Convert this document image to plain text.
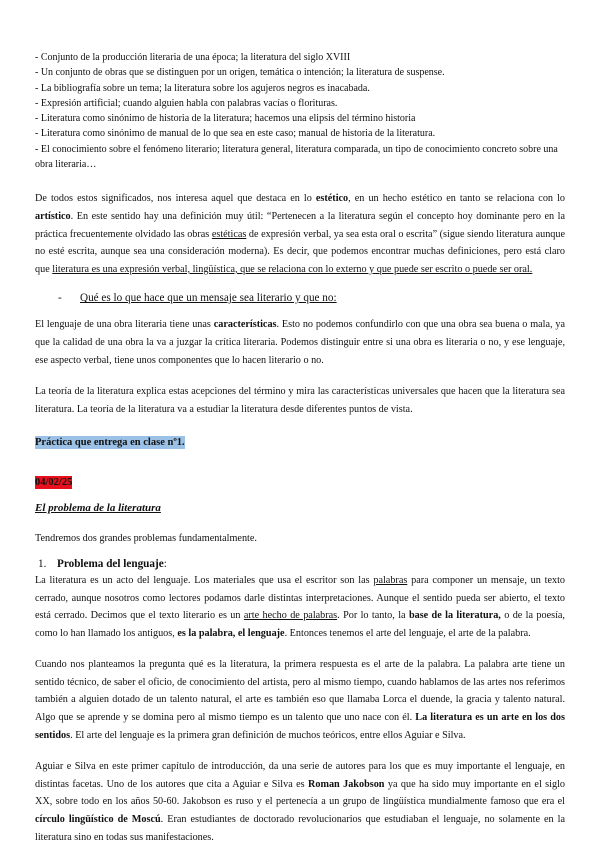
- Conjunto de la producción literaria de una época; la literatura del siglo XVIII

- Un conjunto de obras que se distinguen por un origen, temática o intención; la literatura de suspense.

- La bibliografía sobre un tema; la literatura sobre los agujeros negros es inacabada.

- Expresión artificial; cuando alguien habla con palabras vacías o florituras.

- Literatura como sinónimo de historia de la literatura; hacemos una elipsis del término historia

- Literatura como sinónimo de manual de lo que sea en este caso; manual de historia de la literatura.

- El conocimiento sobre el fenómeno literario; literatura general, literatura comparada, un tipo de conocimiento concreto sobre una obra literaria…

De todos estos significados, nos interesa aquel que destaca en lo estético, en un hecho estético en tanto se relaciona con lo artístico. En este sentido hay una definición muy útil: “Pertenecen a la literatura según el concepto hoy dominante pero en la práctica frecuentemente olvidado las obras estéticas de expresión verbal, ya sea esta oral o escrita” (sigue siendo literatura aunque no esté escrita, aunque sea una consideración moderna). Es decir, que podemos encontrar muchas definiciones, pero está claro que literatura es una expresión verbal, lingüística, que se relaciona con lo externo y que puede ser escrito o puede ser oral.

- Qué es lo que hace que un mensaje sea literario y que no:

El lenguaje de una obra literaria tiene unas características. Esto no podemos confundirlo con que una obra sea buena o mala, ya que la calidad de una obra la va a juzgar la crítica literaria. Podemos distinguir entre si una obra es literaria o no, y ese lenguaje, ese aspecto verbal, tiene unos componentes que lo hacen literario o no.

La teoría de la literatura explica estas acepciones del término y mira las características universales que hacen que la literatura sea literatura. La teoría de la literatura va a estudiar la literatura desde diferentes puntos de vista.

Práctica que entrega en clase nº1.

04/02/25

El problema de la literatura

Tendremos dos grandes problemas fundamentalmente.

1. Problema del lenguaje:

La literatura es un acto del lenguaje. Los materiales que usa el escritor son las palabras para componer un mensaje, un texto cerrado, aunque nosotros como lectores podamos darle distintas interpretaciones. Aunque el sentido pueda ser abierto, el texto está cerrado. Decimos que el texto literario es un arte hecho de palabras. Por lo tanto, la base de la literatura, o de la poesía, como lo han llamado los antiguos, es la palabra, el lenguaje. Entonces tenemos el arte del lenguaje, el arte de la palabra.

Cuando nos planteamos la pregunta qué es la literatura, la primera respuesta es el arte de la palabra. La palabra arte tiene un sentido técnico, de saber el oficio, de conocimiento del artista, pero al mismo tiempo, cuando hablamos de las artes nos referimos también a alguien dotado de un talento natural, el arte es también eso que llamaba Lorca el duende, la gracia y talento natural. Algo que se aprende y se domina pero al mismo tiempo es un talento que uno nace con él. La literatura es un arte en los dos sentidos. El arte del lenguaje es la primera gran definición de muchos teóricos, entre ellos Aguiar e Silva.

Aguiar e Silva en este primer capítulo de introducción, da una serie de autores para los que es muy importante el lenguaje, en distintas facetas. Uno de los autores que cita a Aguiar e Silva es Roman Jakobson ya que ha sido muy importante en el siglo XX, sobre todo en los años 50-60. Jakobson es ruso y el pertenecía a un grupo de lingüística mundialmente famoso que era el círculo lingüístico de Moscú. Eran estudiantes de doctorado revolucionarios que estudiaban el lenguaje, no solamente en la literatura sino en todas sus manifestaciones.
